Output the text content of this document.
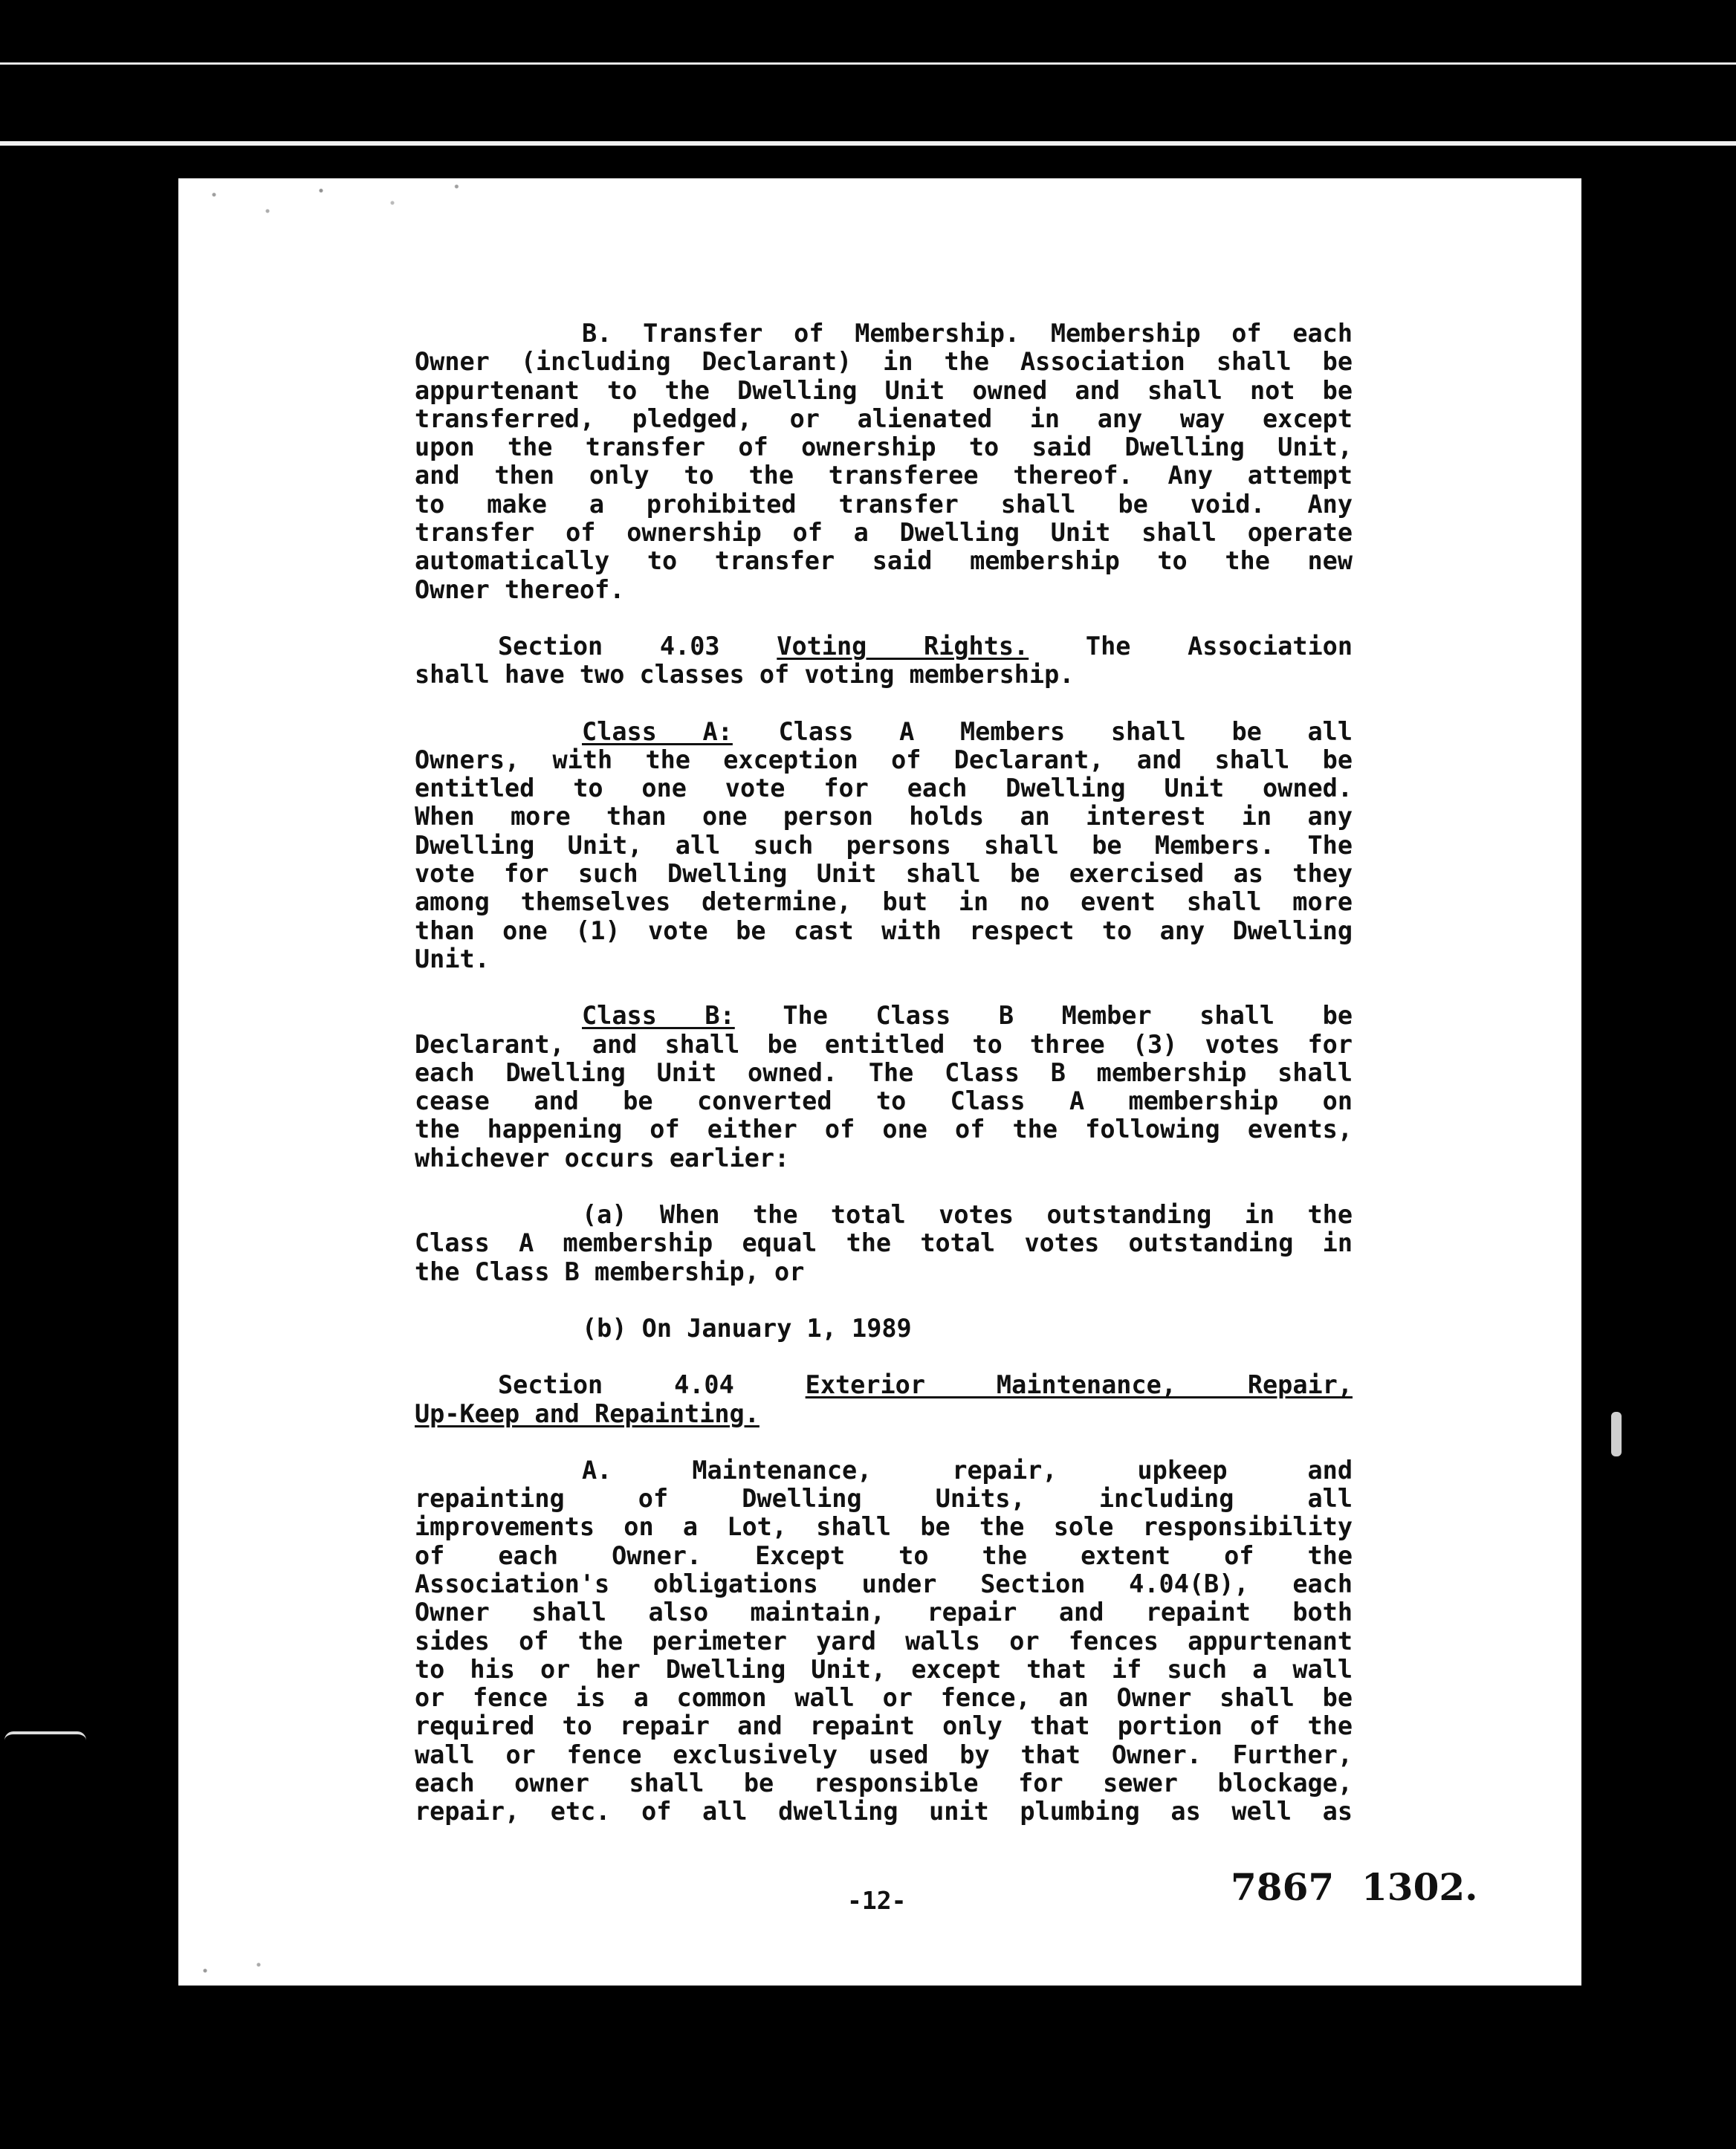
B. Transfer of Membership. Membership of each

Owner (including Declarant) in the Association shall be

appurtenant to the Dwelling Unit owned and shall not be

transferred, pledged, or alienated in any way except

upon the transfer of ownership to said Dwelling Unit,

and then only to the transferee thereof. Any attempt

to make a prohibited transfer shall be void. Any

transfer of ownership of a Dwelling Unit shall operate

automatically to transfer said membership to the new

Owner thereof.

Section 4.03 Voting Rights. The Association

shall have two classes of voting membership.

Class A: Class A Members shall be all

Owners, with the exception of Declarant, and shall be

entitled to one vote for each Dwelling Unit owned.

When more than one person holds an interest in any

Dwelling Unit, all such persons shall be Members. The

vote for such Dwelling Unit shall be exercised as they

among themselves determine, but in no event shall more

than one (1) vote be cast with respect to any Dwelling

Unit.

Class B: The Class B Member shall be

Declarant, and shall be entitled to three (3) votes for

each Dwelling Unit owned. The Class B membership shall

cease and be converted to Class A membership on

the happening of either of one of the following events,

whichever occurs earlier:

(a) When the total votes outstanding in the

Class A membership equal the total votes outstanding in

the Class B membership, or

(b) On January 1, 1989

Section 4.04	Exterior Maintenance, Repair,

Up-Keep and Repainting.

A. Maintenance, repair, upkeep and

repainting of Dwelling Units, including all

improvements on a Lot, shall be the sole responsibility

of each Owner. Except to the extent of the

Association's obligations under Section 4.04(B), each

Owner shall also maintain, repair and repaint both

sides of the perimeter yard walls or fences appurtenant

to his or her Dwelling Unit, except that if such a wall

or fence is a common wall or fence, an Owner shall be

required to repair and repaint only that portion of the

wall or fence exclusively used by that Owner. Further,

each owner shall be responsible for sewer blockage,

repair, etc. of all dwelling unit plumbing as well as

-12-	7867 1302.
